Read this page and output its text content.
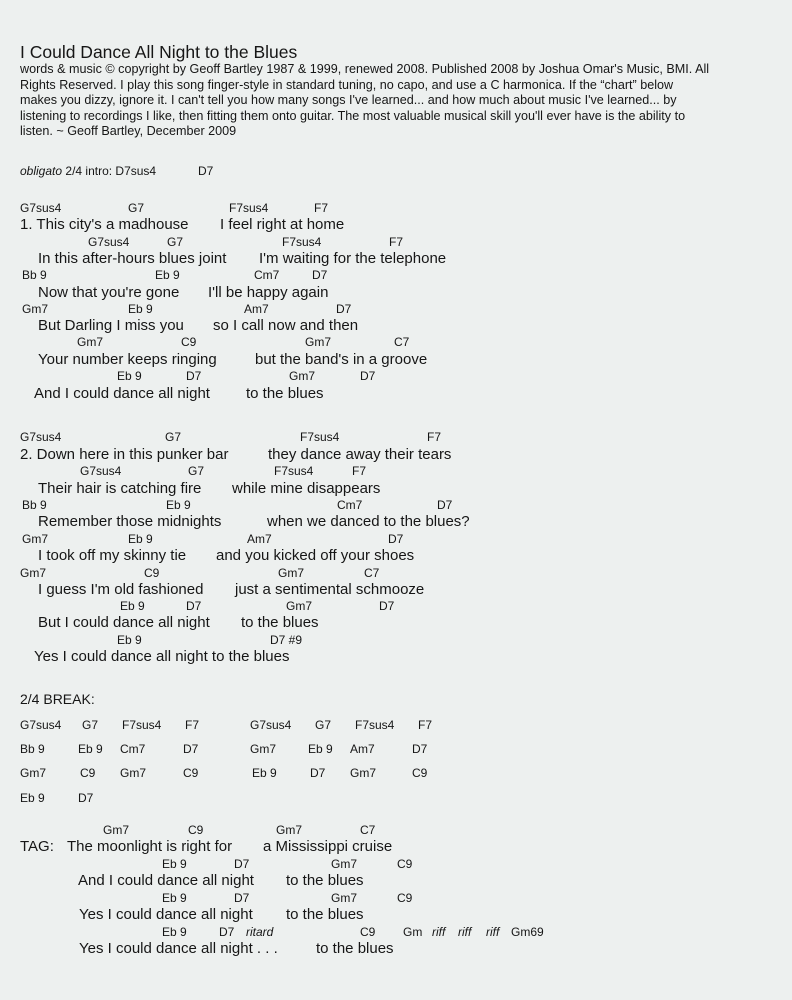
I Could Dance All Night to the Blues
words & music © copyright by Geoff Bartley 1987 & 1999, renewed 2008. Published 2008 by Joshua Omar's Music, BMI. All
Rights Reserved. I play this song finger-style in standard tuning, no capo, and use a C harmonica. If the “chart” below
makes you dizzy, ignore it. I can't tell you how many songs I've learned... and how much about music I've learned... by
listening to recordings I like, then fitting them onto guitar. The most valuable musical skill you'll ever have is the ability to
listen. ~ Geoff Bartley, December 2009
obligato 2/4 intro: D7sus4	D7
G7sus4	G7	F7sus4	F7
1. This city's a madhouse I feel right at home
G7sus4	G7	F7sus4	F7
In this after-hours blues joint I'm waiting for the telephone
Bb 9	Eb 9	Cm7	D7
Now that you're gone I'll be happy again
Gm7	Eb 9	Am7	D7
But Darling I miss you so I call now and then
Gm7	C9	Gm7	C7
Your number keeps ringing	but the band's in a groove
Eb 9	D7	Gm7	D7
And I could dance all night to the blues
G7sus4	G7	F7sus4	F7
2. Down here in this punker bar	they dance away their tears
G7sus4	G7	F7sus4	F7
Their hair is catching fire while mine disappears
Bb 9	Eb 9	Cm7	D7
Remember those midnights	when we danced to the blues?
Gm7	Eb 9	Am7	D7
I took off my skinny tie and you kicked off your shoes
Gm7	C9	Gm7	C7
I guess I'm old fashioned just a sentimental schmooze
Eb 9	D7	Gm7	D7
But I could dance all night to the blues
Eb 9	D7 #9
Yes I could dance all night to the blues
2/4 BREAK:
G7sus4 G7 F7sus4 F7	G7sus4 G7 F7sus4 F7
Bb 9	Eb 9 Cm7	D7	Gm7	Eb 9 Am7	D7
Gm7	C9 Gm7	C9	Eb 9	D7 Gm7	C9
Eb 9	D7
Gm7	C9	Gm7	C7
TAG: The moonlight is right for a Mississippi cruise
Eb 9	D7	Gm7	C9
And I could dance all night to the blues
Eb 9	D7	Gm7	C9
Yes I could dance all night to the blues
Eb 9	D7 ritard	C9 Gm riff riff riff Gm69
Yes I could dance all night . . .	to the blues
